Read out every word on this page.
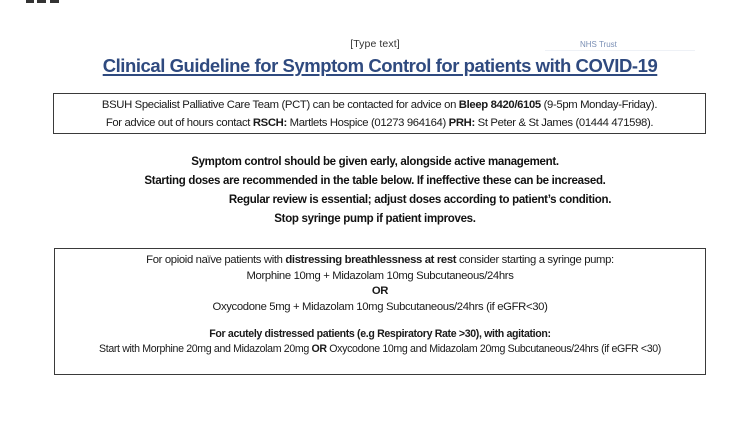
[Type text]	NHS Trust
Clinical Guideline for Symptom Control for patients with COVID-19
BSUH Specialist Palliative Care Team (PCT) can be contacted for advice on Bleep 8420/6105 (9-5pm Monday-Friday).
For advice out of hours contact RSCH: Martlets Hospice (01273 964164) PRH: St Peter & St James (01444 471598).
Symptom control should be given early, alongside active management.
Starting doses are recommended in the table below. If ineffective these can be increased.
Regular review is essential; adjust doses according to patient’s condition.
Stop syringe pump if patient improves.
For opioid naïve patients with distressing breathlessness at rest consider starting a syringe pump:
Morphine 10mg + Midazolam 10mg Subcutaneous/24hrs
OR
Oxycodone 5mg + Midazolam 10mg Subcutaneous/24hrs (if eGFR<30)
For acutely distressed patients (e.g Respiratory Rate >30), with agitation:
Start with Morphine 20mg and Midazolam 20mg OR Oxycodone 10mg and Midazolam 20mg Subcutaneous/24hrs (if eGFR <30)
